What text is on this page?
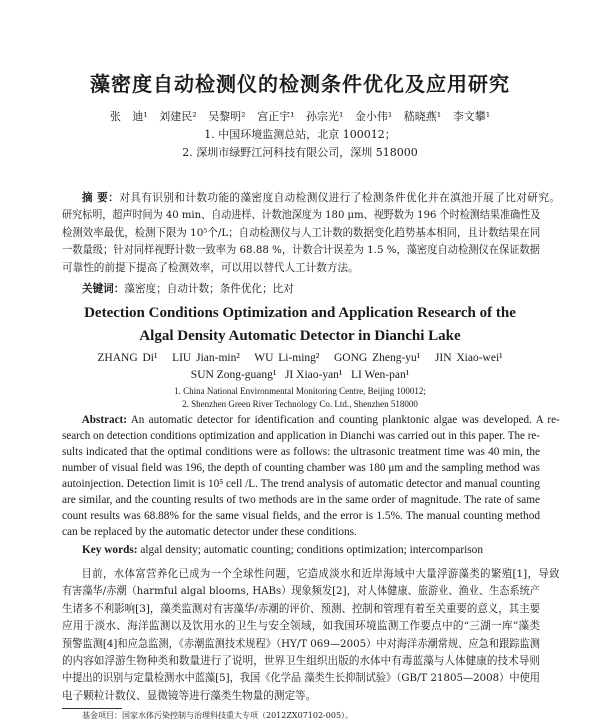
藻密度自动检测仪的检测条件优化及应用研究
张 迪¹ 刘建民² 吴黎明² 宫正宇¹ 孙宗光¹ 金小伟¹ 嵇晓燕¹ 李文攀¹
1. 中国环境监测总站，北京 100012；
2. 深圳市绿野江河科技有限公司，深圳 518000
摘 要：对具有识别和计数功能的藻密度自动检测仪进行了检测条件优化并在滇池开展了比对研究。
研究标明，超声时间为 40 min、自动进样、计数池深度为 180 μm、视野数为 196 个时检测结果准确性及
检测效率最优，检测下限为 10⁵个/L；自动检测仪与人工计数的数据变化趋势基本相同，且计数结果在同
一数量级；针对同样视野计数一致率为 68.88 %，计数合计误差为 1.5 %，藻密度自动检测仪在保证数据
可靠性的前提下提高了检测效率，可以用以替代人工计数方法。
关键词：藻密度；自动计数；条件优化；比对
Detection Conditions Optimization and Application Research of the
Algal Density Automatic Detector in Dianchi Lake
ZHANG Di¹   LIU Jian-min²   WU Li-ming²   GONG Zheng-yu¹   JIN Xiao-wei¹
SUN Zong-guang¹   JI Xiao-yan¹   LI Wen-pan¹
1. China National Environmental Monitoring Centre, Beijing 100012;
2. Shenzhen Green River Technology Co. Ltd., Shenzhen 518000
Abstract: An automatic detector for identification and counting planktonic algae was developed. A re-
search on detection conditions optimization and application in Dianchi was carried out in this paper. The re-
sults indicated that the optimal conditions were as follows: the ultrasonic treatment time was 40 min, the
number of visual field was 196, the depth of counting chamber was 180 μm and the sampling method was
autoinjection. Detection limit is 10⁵ cell /L. The trend analysis of automatic detector and manual counting
are similar, and the counting results of two methods are in the same order of magnitude. The rate of same
count results was 68.88% for the same visual fields, and the error is 1.5%. The manual counting method
can be replaced by the automatic detector under these conditions.
Key words: algal density; automatic counting; conditions optimization; intercomparison
目前，水体富营养化已成为一个全球性问题，它造成淡水和近岸海域中大量浮游藻类的繁殖[1]，导致
有害藻华/赤潮（harmful algal blooms, HABs）现象频发[2]，对人体健康、旅游业、渔业、生态系统产
生诸多不利影响[3]，藻类监测对有害藻华/赤潮的评价、预测、控制和管理有着至关重要的意义，其主要
应用于淡水、海洋监测以及饮用水的卫生与安全领域，如我国环境监测工作要点中的“三湖一库”藻类
预警监测[4]和应急监测，《赤潮监测技术规程》（HY/T 069—2005）中对海洋赤潮常规、应急和跟踪监测
的内容如浮游生物种类和数量进行了说明，世界卫生组织出版的水体中有毒蓝藻与人体健康的技术导则
中提出的识别与定量检测水中蓝藻[5]，我国《化学品 藻类生长抑制试验》（GB/T 21805—2008）中使用
电子颗粒计数仪、显微镜等进行藻类生物量的测定等。
基金项目：国家水体污染控制与治理科技重大专项（2012ZX07102-005）。
